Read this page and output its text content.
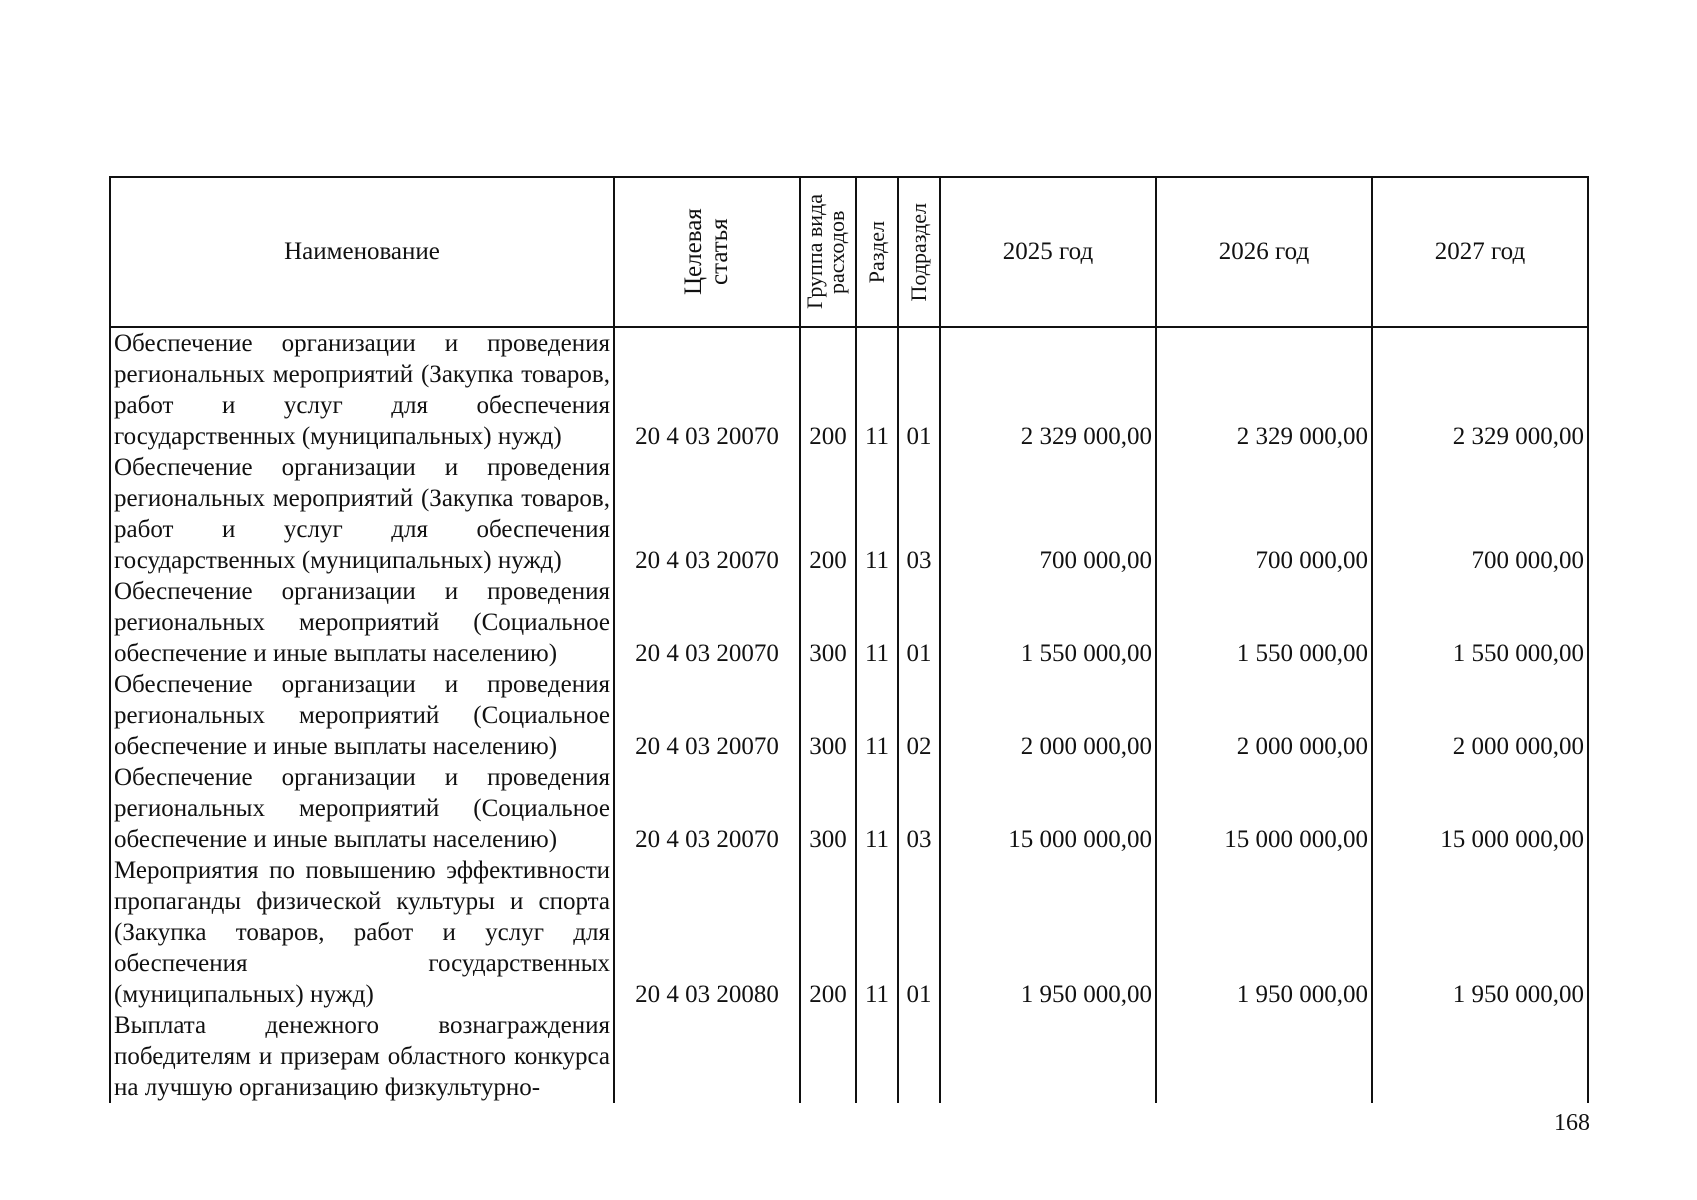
Наименование	Целевая статья	Группа вида расходов	Раздел	Подраздел	2025 год	2026 год	2027 год
Обеспечение организации и проведения региональных мероприятий (Закупка товаров, работ и услуг для обеспечения государственных (муниципальных) нужд)	20 4 03 20070	200	11	01	2 329 000,00	2 329 000,00	2 329 000,00
Обеспечение организации и проведения региональных мероприятий (Закупка товаров, работ и услуг для обеспечения государственных (муниципальных) нужд)	20 4 03 20070	200	11	03	700 000,00	700 000,00	700 000,00
Обеспечение организации и проведения региональных мероприятий (Социальное обеспечение и иные выплаты населению)	20 4 03 20070	300	11	01	1 550 000,00	1 550 000,00	1 550 000,00
Обеспечение организации и проведения региональных мероприятий (Социальное обеспечение и иные выплаты населению)	20 4 03 20070	300	11	02	2 000 000,00	2 000 000,00	2 000 000,00
Обеспечение организации и проведения региональных мероприятий (Социальное обеспечение и иные выплаты населению)	20 4 03 20070	300	11	03	15 000 000,00	15 000 000,00	15 000 000,00
Мероприятия по повышению эффективности пропаганды физической культуры и спорта (Закупка товаров, работ и услуг для обеспечения государственных (муниципальных) нужд)	20 4 03 20080	200	11	01	1 950 000,00	1 950 000,00	1 950 000,00
Выплата денежного вознаграждения победителям и призерам областного конкурса на лучшую организацию физкультурно-							
168
